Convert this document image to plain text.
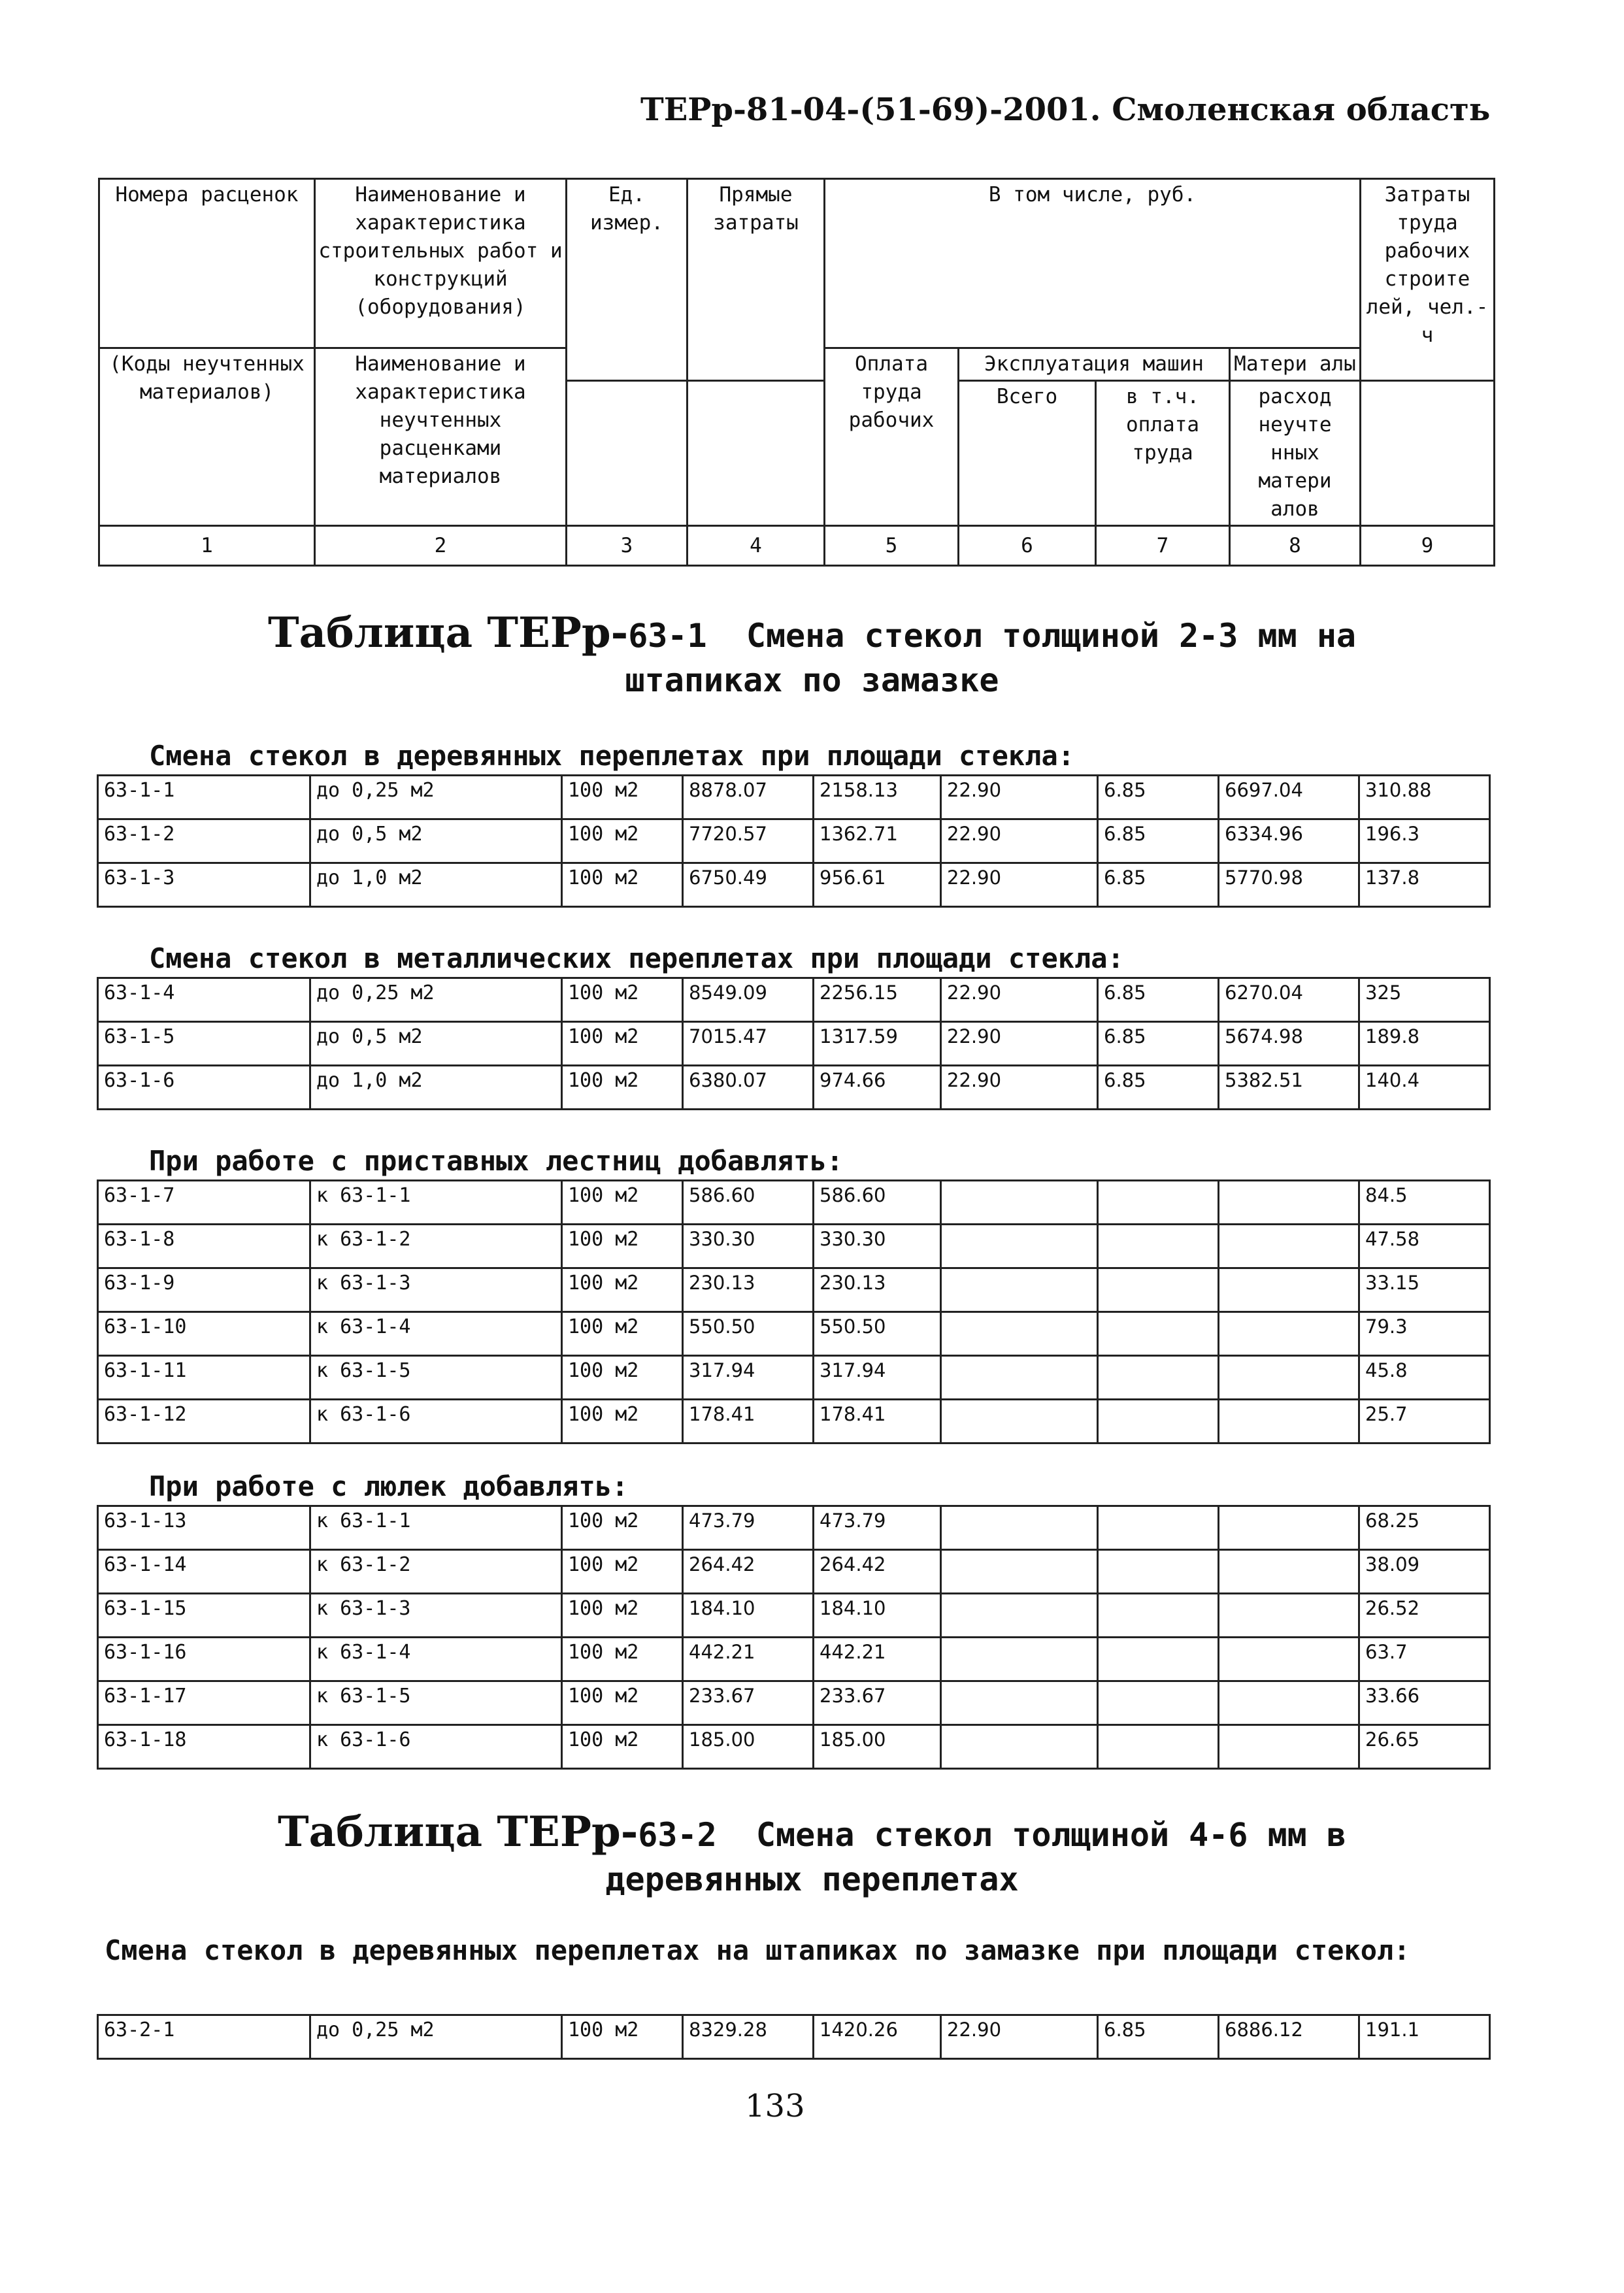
ТЕРр-81-04-(51-69)-2001. Смоленская область
Номера расценок	Наименование и характеристика строительных работ и конструкций (оборудования)	Ед. измер.	Прямые затраты	В том числе, руб.				Затраты труда рабочих строите лей, чел.-ч
(Коды неучтенных материалов)	Наименование и характеристика неучтенных расценками материалов			Оплата труда рабочих	Эксплуатация машин		Матери алы	
					Всего	в т.ч. оплата труда	расход неучте нных матери алов	
1	2	3	4	5	6	7	8	9
Таблица ТЕРр-63-1 Смена стекол толщиной 2-3 мм на
штапиках по замазке
Смена стекол в деревянных переплетах при площади стекла:
63-1-1	до 0,25 м2	100 м2	8878.07	2158.13	22.90	6.85	6697.04	310.88
63-1-2	до 0,5 м2	100 м2	7720.57	1362.71	22.90	6.85	6334.96	196.3
63-1-3	до 1,0 м2	100 м2	6750.49	956.61	22.90	6.85	5770.98	137.8
Смена стекол в металлических переплетах при площади стекла:
63-1-4	до 0,25 м2	100 м2	8549.09	2256.15	22.90	6.85	6270.04	325
63-1-5	до 0,5 м2	100 м2	7015.47	1317.59	22.90	6.85	5674.98	189.8
63-1-6	до 1,0 м2	100 м2	6380.07	974.66	22.90	6.85	5382.51	140.4
При работе с приставных лестниц добавлять:
63-1-7	к 63-1-1	100 м2	586.60	586.60				84.5
63-1-8	к 63-1-2	100 м2	330.30	330.30				47.58
63-1-9	к 63-1-3	100 м2	230.13	230.13				33.15
63-1-10	к 63-1-4	100 м2	550.50	550.50				79.3
63-1-11	к 63-1-5	100 м2	317.94	317.94				45.8
63-1-12	к 63-1-6	100 м2	178.41	178.41				25.7
При работе с люлек добавлять:
63-1-13	к 63-1-1	100 м2	473.79	473.79				68.25
63-1-14	к 63-1-2	100 м2	264.42	264.42				38.09
63-1-15	к 63-1-3	100 м2	184.10	184.10				26.52
63-1-16	к 63-1-4	100 м2	442.21	442.21				63.7
63-1-17	к 63-1-5	100 м2	233.67	233.67				33.66
63-1-18	к 63-1-6	100 м2	185.00	185.00				26.65
Таблица ТЕРр-63-2 Смена стекол толщиной 4-6 мм в
деревянных переплетах
Смена стекол в деревянных переплетах на штапиках по замазке при площади стекол:
63-2-1	до 0,25 м2	100 м2	8329.28	1420.26	22.90	6.85	6886.12	191.1
133
